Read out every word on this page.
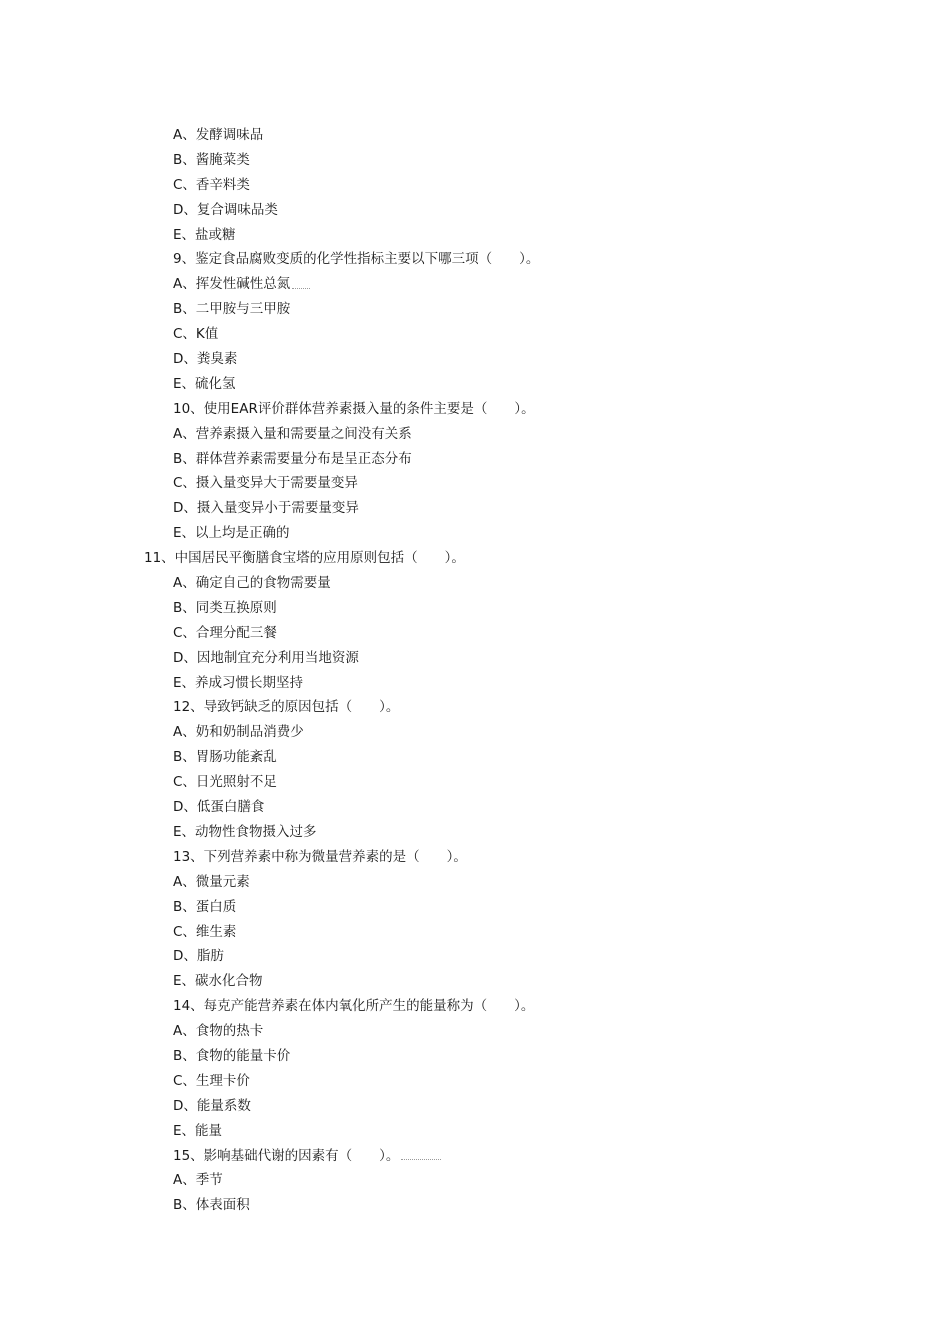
A、发酵调味品
B、酱腌菜类
C、香辛料类
D、复合调味品类
E、盐或糖
9、鉴定食品腐败变质的化学性指标主要以下哪三项（　　）。
A、挥发性碱性总氮
B、二甲胺与三甲胺
C、K值
D、粪臭素
E、硫化氢
10、使用EAR评价群体营养素摄入量的条件主要是（　　）。
A、营养素摄入量和需要量之间没有关系
B、群体营养素需要量分布是呈正态分布
C、摄入量变异大于需要量变异
D、摄入量变异小于需要量变异
E、以上均是正确的
11、中国居民平衡膳食宝塔的应用原则包括（　　）。
A、确定自己的食物需要量
B、同类互换原则
C、合理分配三餐
D、因地制宜充分利用当地资源
E、养成习惯长期坚持
12、导致钙缺乏的原因包括（　　）。
A、奶和奶制品消费少
B、胃肠功能紊乱
C、日光照射不足
D、低蛋白膳食
E、动物性食物摄入过多
13、下列营养素中称为微量营养素的是（　　）。
A、微量元素
B、蛋白质
C、维生素
D、脂肪
E、碳水化合物
14、每克产能营养素在体内氧化所产生的能量称为（　　）。
A、食物的热卡
B、食物的能量卡价
C、生理卡价
D、能量系数
E、能量
15、影响基础代谢的因素有（　　）。
A、季节
B、体表面积
